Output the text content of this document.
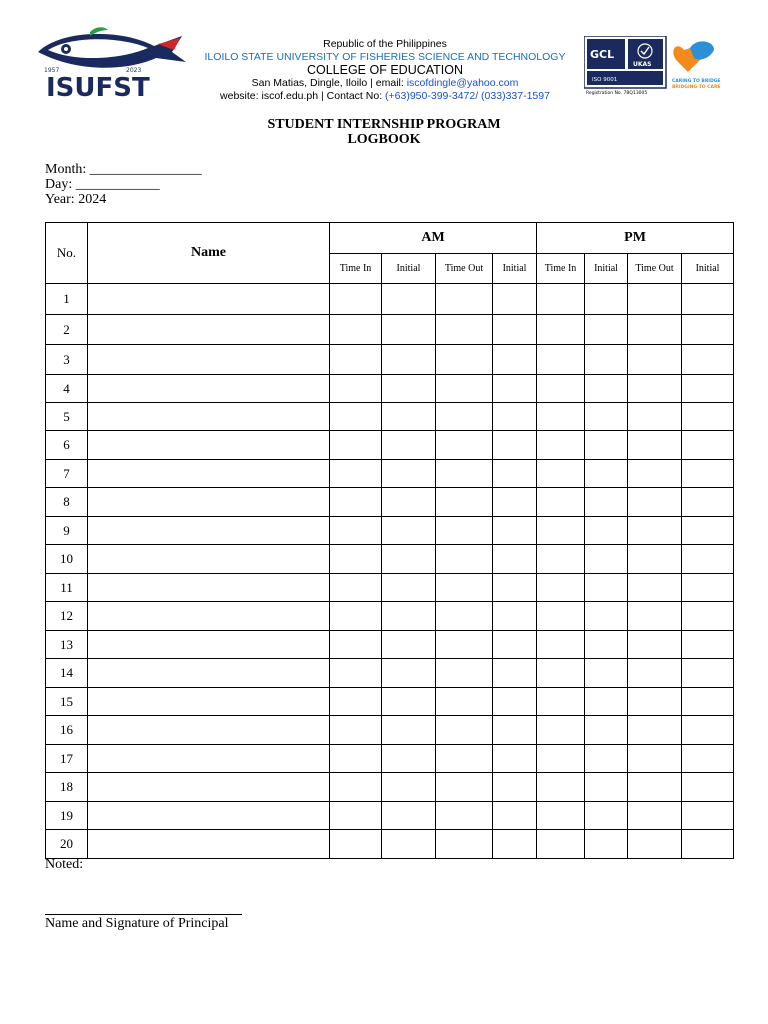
1957	2023
ISUFST
Republic of the Philippines
ILOILO STATE UNIVERSITY OF FISHERIES SCIENCE AND TECHNOLOGY
COLLEGE OF EDUCATION
San Matias, Dingle, Iloilo | email: iscofdingle@yahoo.com
website: iscof.edu.ph | Contact No: (+63)950-399-3472/ (033)337-1597
GCL
UKAS
ISO 9001
Registration No. 7BQ13005
CARING TO BRIDGE
BRIDGING TO CARE
STUDENT INTERNSHIP PROGRAM
LOGBOOK
Month: ________________
Day: ____________
Year: 2024
No.	Name	AM				PM			
		Time In	Initial	Time Out	Initial	Time In	Initial	Time Out	Initial
1									
2									
3									
4									
5									
6									
7									
8									
9									
10									
11									
12									
13									
14									
15									
16									
17									
18									
19									
20									
Noted:
Name and Signature of Principal
